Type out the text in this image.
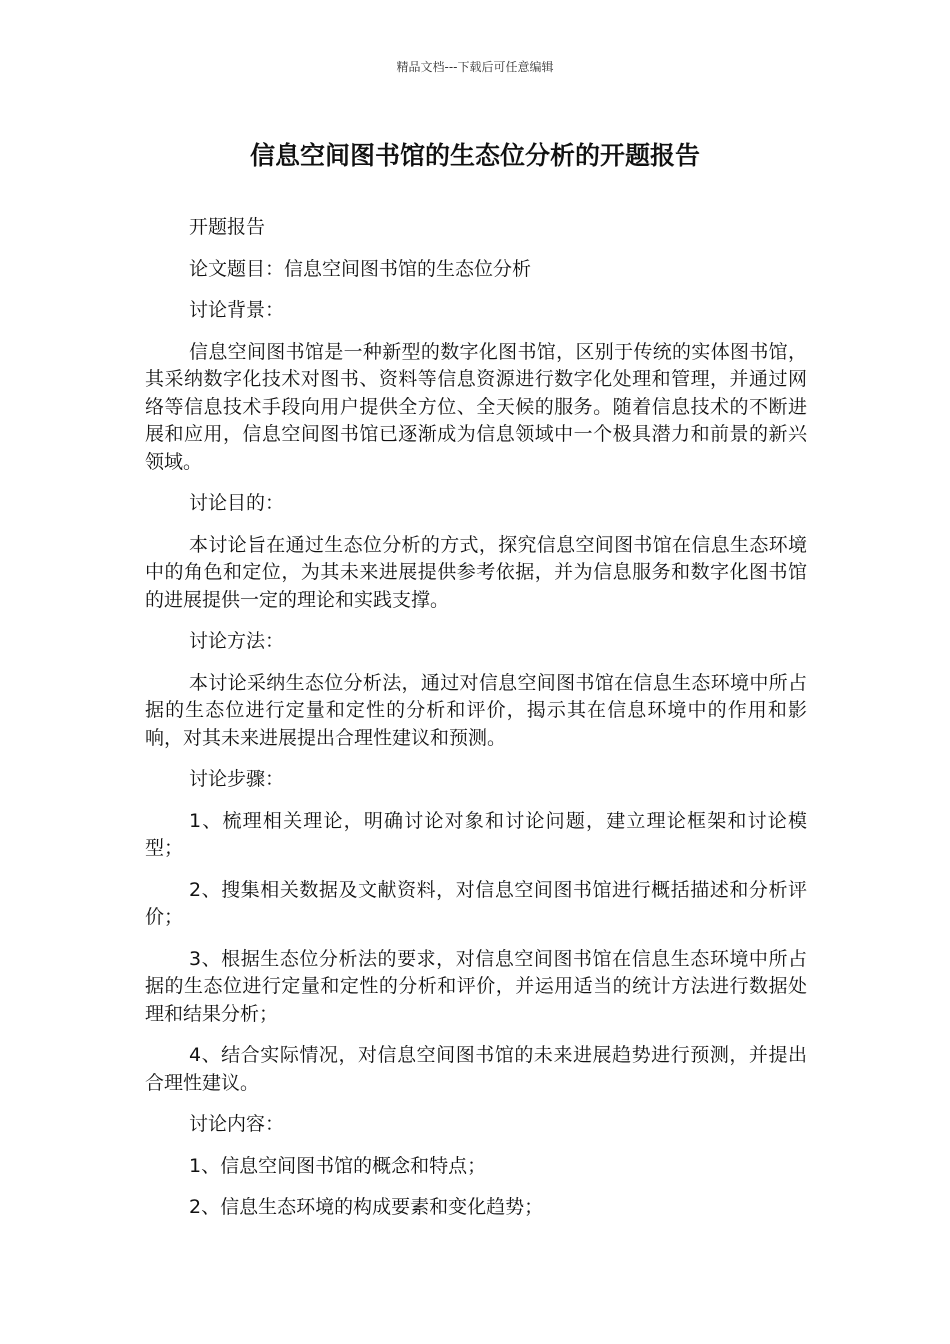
精品文档---下载后可任意编辑
信息空间图书馆的生态位分析的开题报告

开题报告

论文题目：信息空间图书馆的生态位分析

讨论背景：

信息空间图书馆是一种新型的数字化图书馆，区别于传统的实体图书馆，其采纳数字化技术对图书、资料等信息资源进行数字化处理和管理，并通过网络等信息技术手段向用户提供全方位、全天候的服务。随着信息技术的不断进展和应用，信息空间图书馆已逐渐成为信息领域中一个极具潜力和前景的新兴领域。

讨论目的：

本讨论旨在通过生态位分析的方式，探究信息空间图书馆在信息生态环境中的角色和定位，为其未来进展提供参考依据，并为信息服务和数字化图书馆的进展提供一定的理论和实践支撑。

讨论方法：

本讨论采纳生态位分析法，通过对信息空间图书馆在信息生态环境中所占据的生态位进行定量和定性的分析和评价，揭示其在信息环境中的作用和影响，对其未来进展提出合理性建议和预测。

讨论步骤：

1、梳理相关理论，明确讨论对象和讨论问题，建立理论框架和讨论模型；

2、搜集相关数据及文献资料，对信息空间图书馆进行概括描述和分析评价；

3、根据生态位分析法的要求，对信息空间图书馆在信息生态环境中所占据的生态位进行定量和定性的分析和评价，并运用适当的统计方法进行数据处理和结果分析；

4、结合实际情况，对信息空间图书馆的未来进展趋势进行预测，并提出合理性建议。

讨论内容：

1、信息空间图书馆的概念和特点；

2、信息生态环境的构成要素和变化趋势；
